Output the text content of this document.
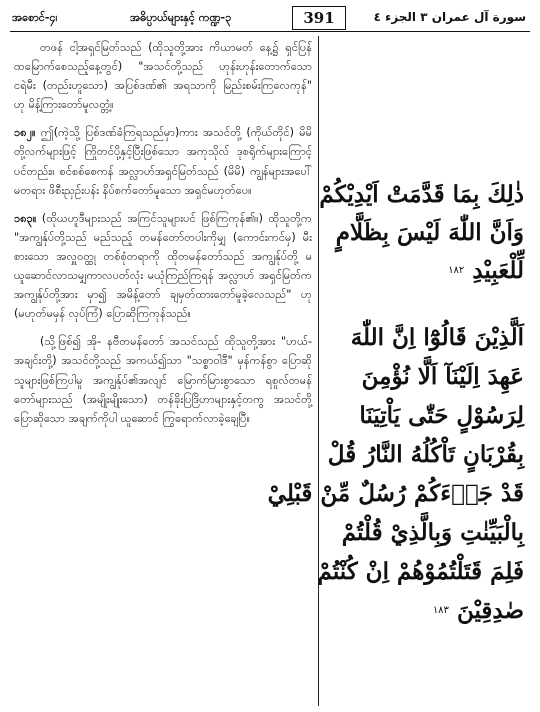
အစောင်-၄၊	အဓိပ္ပာယ်များနှင့် ကဏ္ဍ-၃	391	سورة آل عمران ٣ الجزء ٤

တဖန် ငါ့အရှင်မြတ်သည် (ထိုသူတို့အား ကိယာမတ် နေ့၌ ရှင်ပြန်ထမြောက်စေသည့်နေ့တွင်) "အသင်တို့သည် ဟုန်းဟုန်းတောက်သော ငရဲမီး (တည်းဟူသော) အပြစ်ဒဏ်၏ အရသာကို မြည်းစမ်းကြလေကုန်" ဟု မိန့်ကြားတော်မူလတ္တံ့။

၁၈၂။ ဤ(ကဲ့သို့ ပြစ်ဒဏ်ခံကြရသည်မှာ)ကား အသင်တို့ (ကိုယ်တိုင်) မိမိတို့လက်များဖြင့် ကြိုတင်ပို့နှင့်ပြီးဖြစ်သော အကုသိုလ် ဒုစရိုက်များကြောင့်ပင်တည်း။ စင်စစ်စေကန် အလ္လာဟ်အရှင်မြတ်သည် (မိမိ) ကျွန်များအပေါ် မတရား ဖိစီးညှဉ်းပန်း နိပ်စက်တော်မူသော အရှင်မဟုတ်ပေ။

၁၈၃။ (ထိုယဟူဒီများသည် အကြင်သူများပင် ဖြစ်ကြကုန်၏။) ထိုသူတို့က "အကျွန်ုပ်တို့သည် မည်သည့် တမန်တော်တပါးကိုမျှ (ကောင်းကင်မှ) မီးစားသော အလှူဝတ္ထု တစ်စုံတရာကို ထိုတမန်တော်သည် အကျွန်ုပ်တို့ မယူဆောင်လာသမျှကာလပတ်လုံး မယုံကြည်ကြရန် အလ္လာဟ် အရှင်မြတ်က အကျွန်ုပ်တို့အား မှာ၍ အမိန့်တော် ချမှတ်ထားတော်မူခဲ့လေသည်" ဟု (မဟုတ်မမှန် လုပ်ကြံ) ပြောဆိုကြကုန်သည်။

(သို့ဖြစ်၍ အို- နဗီတမန်တော် အသင်သည် ထိုသူတို့အား "ဟယ်-အချင်းတို့) အသင်တို့သည် အကယ်၍သာ "သစ္စာဝါဒီ" မှန်ကန်စွာ ပြောဆိုသူများဖြစ်ကြပါမူ အကျွန်ုပ်၏အလျင် မြောက်မြားစွာသော ရစူလ်တမန်တော်များသည် (အမျိုးမျိုးသော) တန်ခိုးပြဒြိဟာများနှင့်တကွ အသင်တို့ပြောဆိုသော အချက်ကိုပါ ယူဆောင် ကြွရောက်လာခဲ့ချေပြီ။

ذٰلِكَ بِمَا قَدَّمَتْ اَيْدِيْكُمْ
وَاَنَّ اللّٰهَ لَيْسَ بِظَلَّامٍ
لِّلْعَبِيْدِ $^{١٨٢}$
اَلَّذِيْنَ قَالُوْٓا اِنَّ اللّٰهَ
عَهِدَ اِلَيْنَآ اَلَّا نُؤْمِنَ
لِرَسُوْلٍ حَتّٰى يَاْتِيَنَا
بِقُرْبَانٍ تَاْكُلُهُ النَّارُ قُلْ
قَدْ جَاۤءَكُمْ رُسُلٌ مِّنْ قَبْلِيْ
بِالْبَيِّنٰتِ وَبِالَّذِيْ قُلْتُمْ
فَلِمَ قَتَلْتُمُوْهُمْ اِنْ كُنْتُمْ
صٰدِقِيْنَ $^{١٨٣}$
